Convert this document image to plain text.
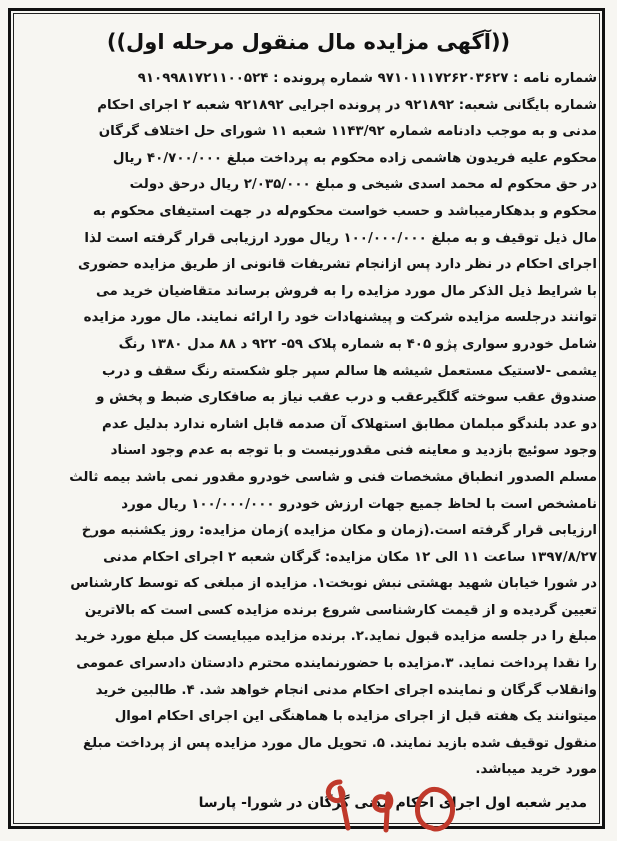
((آگهی مزایده مال منقول مرحله اول))
شماره نامه : ۹۷۱۰۱۱۱۷۲۶۲۰۳۶۲۷ شماره پرونده : ۹۱۰۹۹۸۱۷۲۱۱۰۰۵۲۴
شماره بایگانی شعبه: ۹۲۱۸۹۲ در پرونده اجرایی ۹۲۱۸۹۲ شعبه ۲ اجرای احکام
مدنی و به موجب دادنامه شماره ۱۱۴۳/۹۲ شعبه ۱۱ شورای حل اختلاف گرگان
محکوم علیه فریدون هاشمی زاده محکوم به پرداخت مبلغ ۴۰/۷۰۰/۰۰۰ ریال
در حق محکوم له محمد اسدی شیخی و مبلغ ۲/۰۳۵/۰۰۰ ریال درحق دولت
محکوم و بدهکارمیباشد و حسب خواست محکوم‌له در جهت استیفای محکوم به
مال ذیل توقیف و به مبلغ ۱۰۰/۰۰۰/۰۰۰ ریال مورد ارزیابی قرار گرفته است لذا
اجرای احکام در نظر دارد پس ازانجام تشریفات قانونی از طریق مزایده حضوری
با شرایط ذیل الذکر مال مورد مزایده را به فروش برساند متقاضیان خرید می
توانند درجلسه مزایده شرکت و پیشنهادات خود را ارائه نمایند. مال مورد مزایده
شامل خودرو سواری پژو ۴۰۵ به شماره پلاک ۵۹- ۹۲۲ د ۸۸ مدل ۱۳۸۰ رنگ
یشمی -لاستیک مستعمل شیشه ها سالم سپر جلو شکسته رنگ سقف و درب
صندوق عقب سوخته گلگیرعقب و درب عقب نیاز به صافکاری ضبط و پخش و
دو عدد بلندگو مبلمان مطابق استهلاک آن صدمه قابل اشاره ندارد بدلیل عدم
وجود سوئیچ بازدید و معاینه فنی مقدورنیست و با توجه به عدم وجود اسناد
مسلم الصدور انطباق مشخصات فنی و شاسی خودرو مقدور نمی باشد بیمه ثالث
نامشخص است با لحاظ جمیع جهات ارزش خودرو ۱۰۰/۰۰۰/۰۰۰ ریال مورد
ارزیابی قرار گرفته است.(زمان و مکان مزایده )زمان مزایده: روز یکشنبه مورخ
۱۳۹۷/۸/۲۷ ساعت ۱۱ الی ۱۲ مکان مزایده: گرگان شعبه ۲ اجرای احکام مدنی
در شورا خیابان شهید بهشتی نبش نوبخت۱. مزایده از مبلغی که توسط کارشناس
تعیین گردیده و از قیمت کارشناسی شروع برنده مزایده کسی است که بالاترین
مبلغ را در جلسه مزایده قبول نماید.۲. برنده مزایده میبایست کل مبلغ مورد خرید
را نقدا پرداخت نماید. ۳.مزایده با حضورنماینده محترم دادستان دادسرای عمومی
وانقلاب گرگان و نماینده اجرای احکام مدنی انجام خواهد شد. ۴. طالبین خرید
میتوانند یک هفته قبل از اجرای مزایده با هماهنگی این اجرای احکام اموال
منقول توقیف شده بازید نمایند. ۵. تحویل مال مورد مزایده پس از پرداخت مبلغ
مورد خرید میباشد.
مدیر شعبه اول اجرای احکام مدنی گرگان در شورا- پارسا
